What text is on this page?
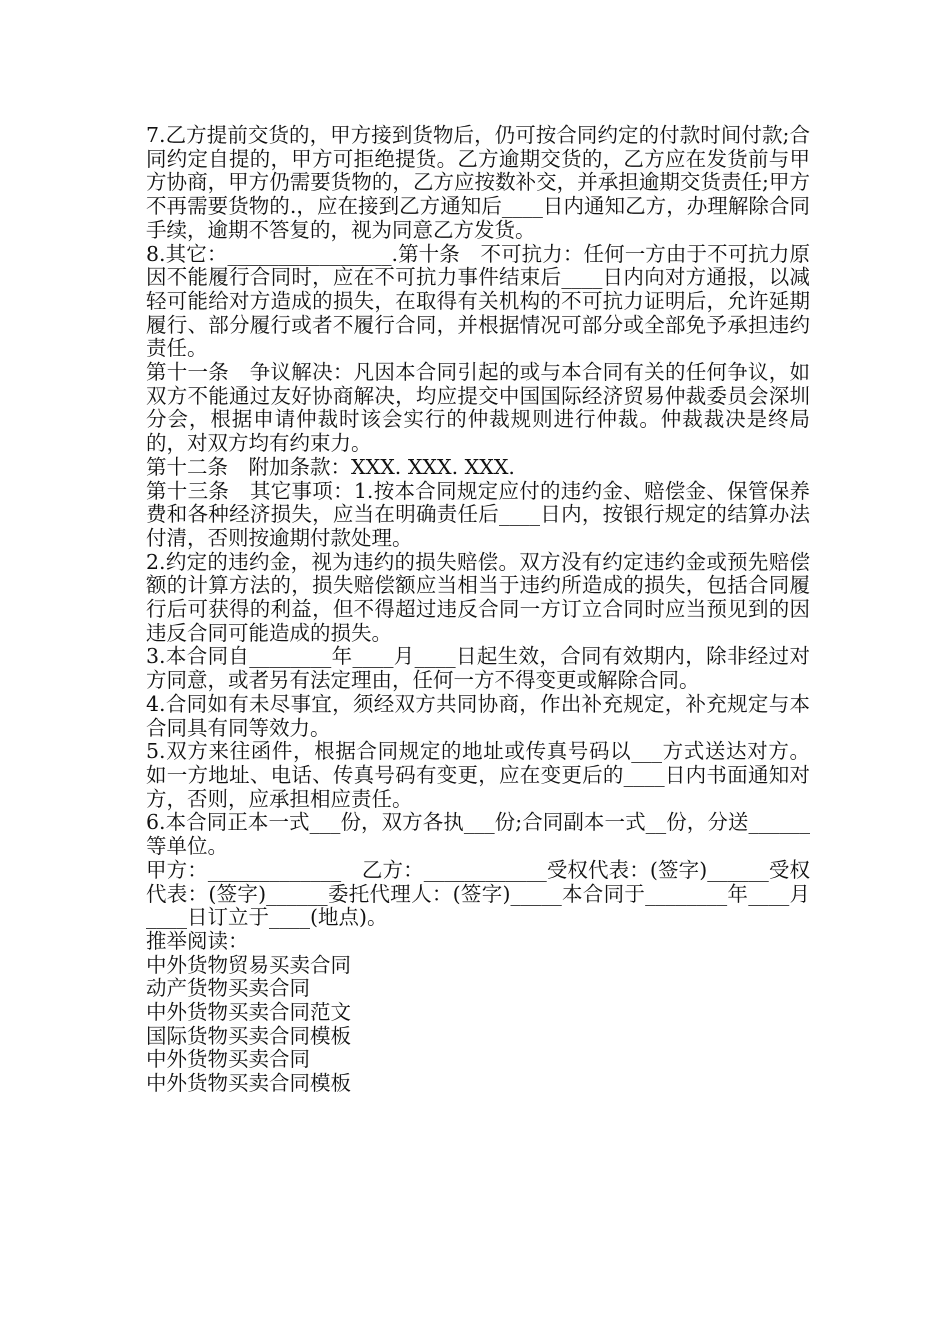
7.乙方提前交货的，甲方接到货物后，仍可按合同约定的付款时间付款;合同约定自提的，甲方可拒绝提货。乙方逾期交货的，乙方应在发货前与甲方协商，甲方仍需要货物的，乙方应按数补交，并承担逾期交货责任;甲方不再需要货物的.，应在接到乙方通知后____日内通知乙方，办理解除合同手续，逾期不答复的，视为同意乙方发货。

8.其它：________________.第十条　不可抗力：任何一方由于不可抗力原因不能履行合同时，应在不可抗力事件结束后____日内向对方通报，以减轻可能给对方造成的损失，在取得有关机构的不可抗力证明后，允许延期履行、部分履行或者不履行合同，并根据情况可部分或全部免予承担违约责任。

第十一条　争议解决：凡因本合同引起的或与本合同有关的任何争议，如双方不能通过友好协商解决，均应提交中国国际经济贸易仲裁委员会深圳分会，根据申请仲裁时该会实行的仲裁规则进行仲裁。仲裁裁决是终局的，对双方均有约束力。

第十二条　附加条款：XXX. XXX. XXX.

第十三条　其它事项：1.按本合同规定应付的违约金、赔偿金、保管保养费和各种经济损失，应当在明确责任后____日内，按银行规定的结算办法付清，否则按逾期付款处理。

2.约定的违约金，视为违约的损失赔偿。双方没有约定违约金或预先赔偿额的计算方法的，损失赔偿额应当相当于违约所造成的损失，包括合同履行后可获得的利益，但不得超过违反合同一方订立合同时应当预见到的因违反合同可能造成的损失。

3.本合同自________年____月____日起生效，合同有效期内，除非经过对方同意，或者另有法定理由，任何一方不得变更或解除合同。

4.合同如有未尽事宜，须经双方共同协商，作出补充规定，补充规定与本合同具有同等效力。

5.双方来往函件，根据合同规定的地址或传真号码以___方式送达对方。如一方地址、电话、传真号码有变更，应在变更后的____日内书面通知对方，否则，应承担相应责任。

6.本合同正本一式___份，双方各执___份;合同副本一式__份，分送______等单位。

甲方：_____________　乙方：____________受权代表：(签字)______受权代表：(签字)______委托代理人：(签字)_____本合同于________年____月____日订立于____(地点)。

推举阅读：

中外货物贸易买卖合同

动产货物买卖合同

中外货物买卖合同范文

国际货物买卖合同模板

中外货物买卖合同

中外货物买卖合同模板
